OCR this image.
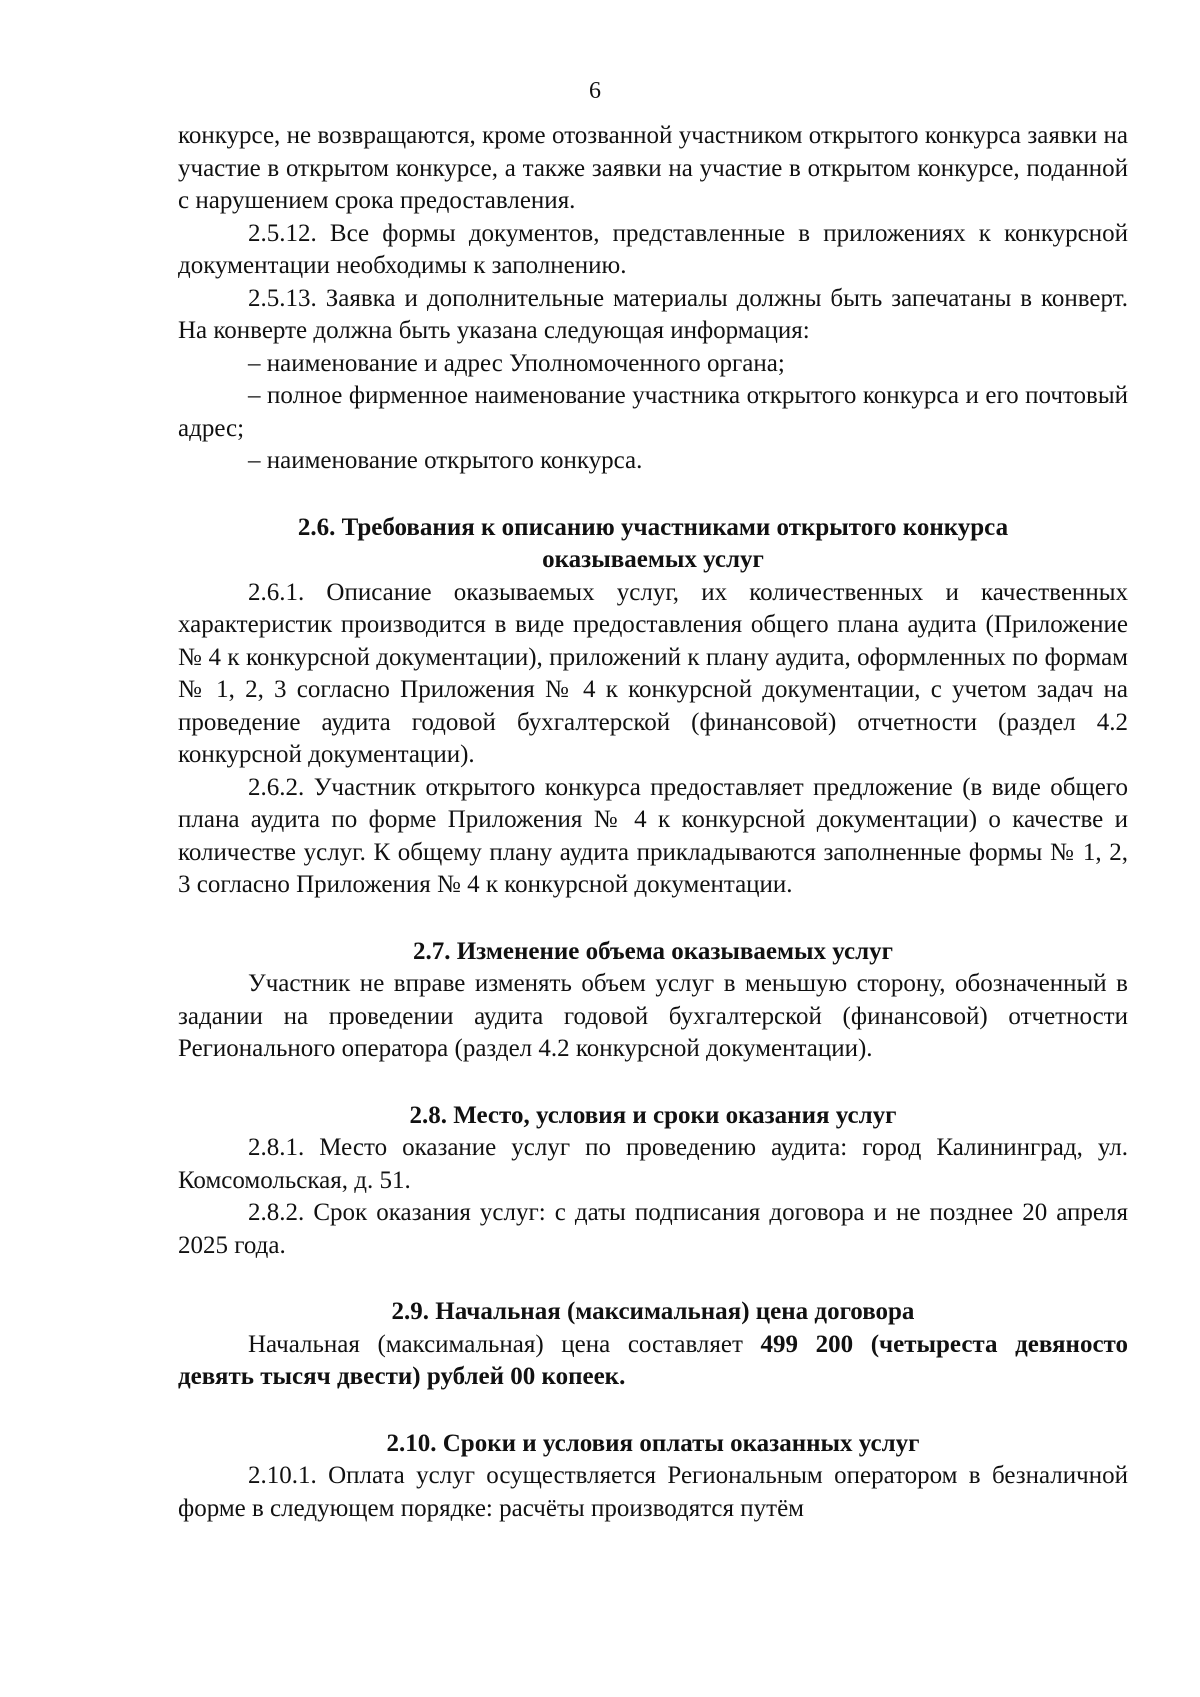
6

конкурсе, не возвращаются, кроме отозванной участником открытого конкурса заявки на участие в открытом конкурсе, а также заявки на участие в открытом конкурсе, поданной с нарушением срока предоставления.

2.5.12. Все формы документов, представленные в приложениях к конкурсной документации необходимы к заполнению.

2.5.13. Заявка и дополнительные материалы должны быть запечатаны в конверт. На конверте должна быть указана следующая информация:

– наименование и адрес Уполномоченного органа;

– полное фирменное наименование участника открытого конкурса и его почтовый адрес;

– наименование открытого конкурса.

2.6. Требования к описанию участниками открытого конкурса
оказываемых услуг

2.6.1. Описание оказываемых услуг, их количественных и качественных характеристик производится в виде предоставления общего плана аудита (Приложение № 4 к конкурсной документации), приложений к плану аудита, оформленных по формам № 1, 2, 3 согласно Приложения № 4 к конкурсной документации, с учетом задач на проведение аудита годовой бухгалтерской (финансовой) отчетности (раздел 4.2 конкурсной документации).

2.6.2. Участник открытого конкурса предоставляет предложение (в виде общего плана аудита по форме Приложения № 4 к конкурсной документации) о качестве и количестве услуг. К общему плану аудита прикладываются заполненные формы № 1, 2, 3 согласно Приложения № 4 к конкурсной документации.

2.7. Изменение объема оказываемых услуг

Участник не вправе изменять объем услуг в меньшую сторону, обозначенный в задании на проведении аудита годовой бухгалтерской (финансовой) отчетности Регионального оператора (раздел 4.2 конкурсной документации).

2.8. Место, условия и сроки оказания услуг

2.8.1. Место оказание услуг по проведению аудита: город Калининград, ул. Комсомольская, д. 51.

2.8.2. Срок оказания услуг: с даты подписания договора и не позднее 20 апреля 2025 года.

2.9. Начальная (максимальная) цена договора

Начальная (максимальная) цена составляет 499 200 (четыреста девяносто девять тысяч двести) рублей 00 копеек.

2.10. Сроки и условия оплаты оказанных услуг

2.10.1. Оплата услуг осуществляется Региональным оператором в безналичной форме в следующем порядке: расчёты производятся путём
